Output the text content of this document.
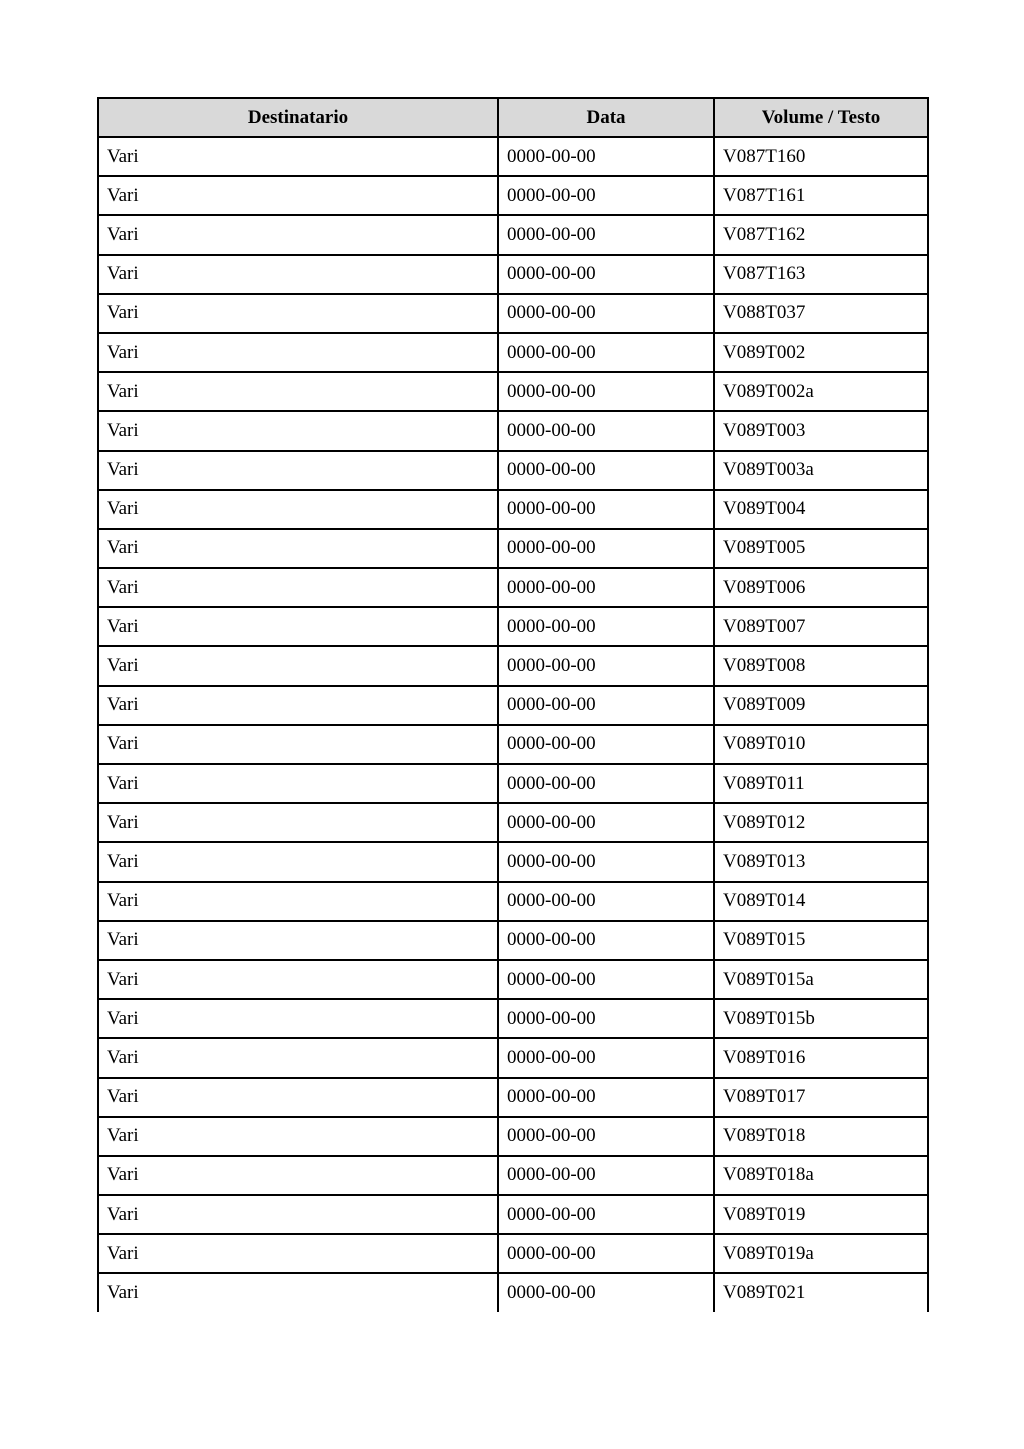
Destinatario	Data	Volume / Testo
Vari	0000-00-00	V087T160
Vari	0000-00-00	V087T161
Vari	0000-00-00	V087T162
Vari	0000-00-00	V087T163
Vari	0000-00-00	V088T037
Vari	0000-00-00	V089T002
Vari	0000-00-00	V089T002a
Vari	0000-00-00	V089T003
Vari	0000-00-00	V089T003a
Vari	0000-00-00	V089T004
Vari	0000-00-00	V089T005
Vari	0000-00-00	V089T006
Vari	0000-00-00	V089T007
Vari	0000-00-00	V089T008
Vari	0000-00-00	V089T009
Vari	0000-00-00	V089T010
Vari	0000-00-00	V089T011
Vari	0000-00-00	V089T012
Vari	0000-00-00	V089T013
Vari	0000-00-00	V089T014
Vari	0000-00-00	V089T015
Vari	0000-00-00	V089T015a
Vari	0000-00-00	V089T015b
Vari	0000-00-00	V089T016
Vari	0000-00-00	V089T017
Vari	0000-00-00	V089T018
Vari	0000-00-00	V089T018a
Vari	0000-00-00	V089T019
Vari	0000-00-00	V089T019a
Vari	0000-00-00	V089T021
